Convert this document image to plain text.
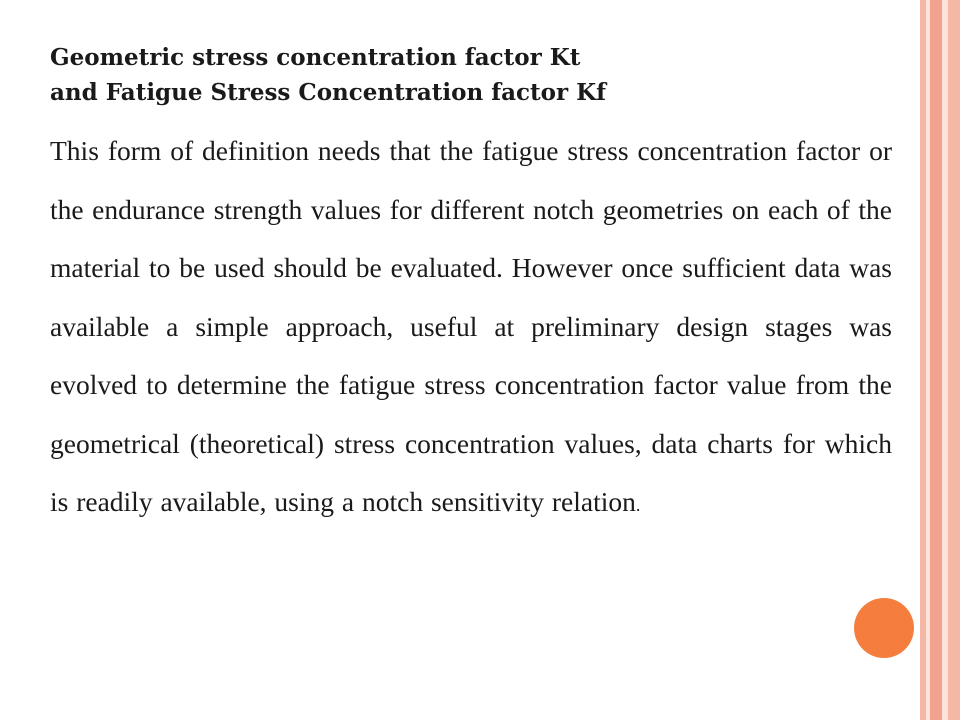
Geometric stress concentration factor Kt
and Fatigue Stress Concentration factor Kf

This form of definition needs that the fatigue stress concentration factor or the endurance strength values for different notch geometries on each of the material to be used should be evaluated. However once sufficient data was available a simple approach, useful at preliminary design stages was evolved to determine the fatigue stress concentration factor value from the geometrical (theoretical) stress concentration values, data charts for which is readily available, using a notch sensitivity relation.
